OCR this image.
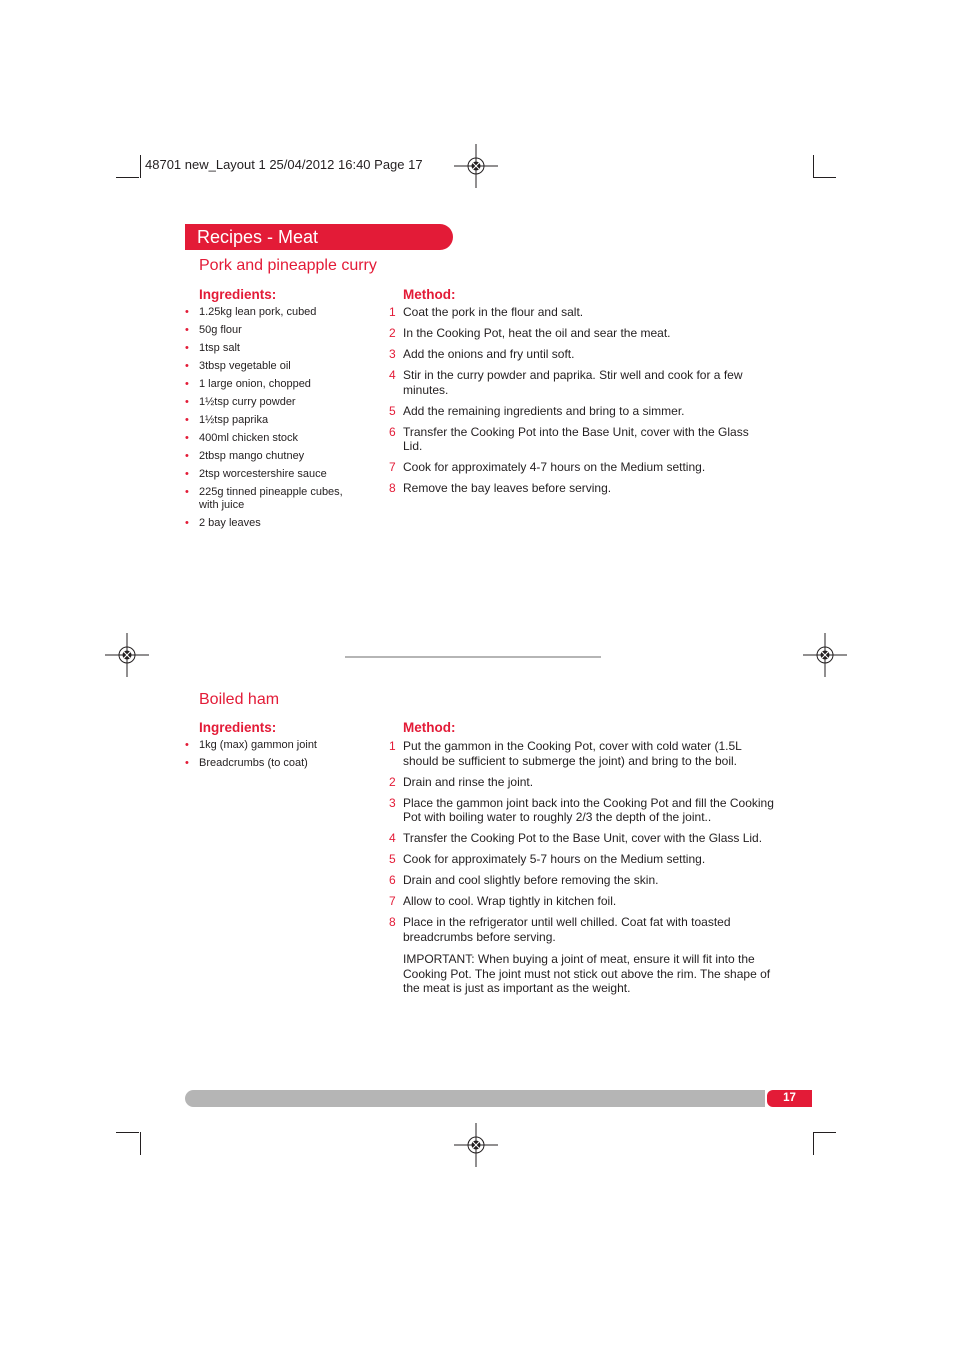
48701 new_Layout 1 25/04/2012 16:40 Page 17
Recipes - Meat
Pork and pineapple curry
Ingredients:	Method:
• 1.25kg lean pork, cubed
• 50g flour
• 1tsp salt
• 3tbsp vegetable oil
• 1 large onion, chopped
• 1½tsp curry powder
• 1½tsp paprika
• 400ml chicken stock
• 2tbsp mango chutney
• 2tsp worcestershire sauce
• 225g tinned pineapple cubes, with juice
• 2 bay leaves
1 Coat the pork in the flour and salt.
2 In the Cooking Pot, heat the oil and sear the meat.
3 Add the onions and fry until soft.
4 Stir in the curry powder and paprika. Stir well and cook for a few minutes.
5 Add the remaining ingredients and bring to a simmer.
6 Transfer the Cooking Pot into the Base Unit, cover with the Glass Lid.
7 Cook for approximately 4-7 hours on the Medium setting.
8 Remove the bay leaves before serving.
Boiled ham
Ingredients:	Method:
• 1kg (max) gammon joint
• Breadcrumbs (to coat)
1 Put the gammon in the Cooking Pot, cover with cold water (1.5L should be sufficient to submerge the joint) and bring to the boil.
2 Drain and rinse the joint.
3 Place the gammon joint back into the Cooking Pot and fill the Cooking Pot with boiling water to roughly 2/3 the depth of the joint..
4 Transfer the Cooking Pot to the Base Unit, cover with the Glass Lid.
5 Cook for approximately 5-7 hours on the Medium setting.
6 Drain and cool slightly before removing the skin.
7 Allow to cool. Wrap tightly in kitchen foil.
8 Place in the refrigerator until well chilled. Coat fat with toasted breadcrumbs before serving.
IMPORTANT: When buying a joint of meat, ensure it will fit into the Cooking Pot. The joint must not stick out above the rim. The shape of the meat is just as important as the weight.
17
